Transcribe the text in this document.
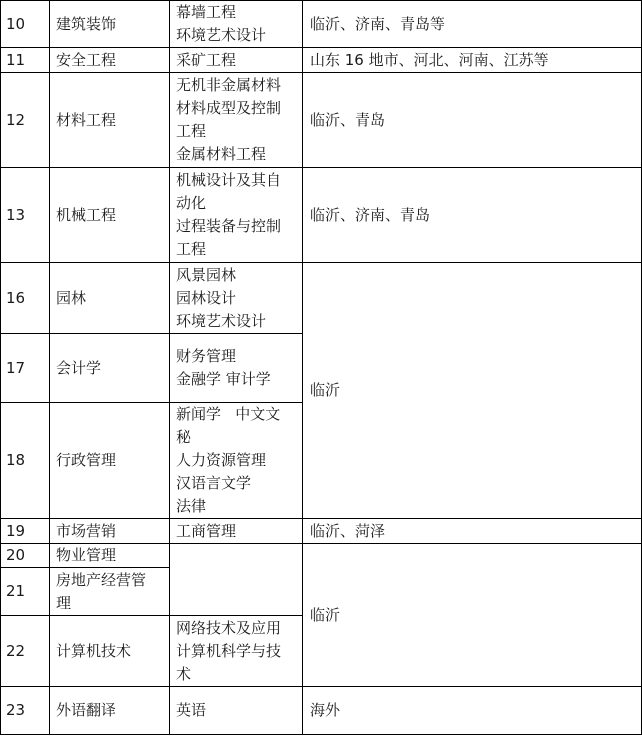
10	建筑装饰	幕墙工程
环境艺术设计	临沂、济南、青岛等
11	安全工程	采矿工程	山东 16 地市、河北、河南、江苏等
12	材料工程	无机非金属材料
材料成型及控制
工程
金属材料工程	临沂、青岛
13	机械工程	机械设计及其自
动化
过程装备与控制
工程	临沂、济南、青岛
16	园林	风景园林
园林设计
环境艺术设计	临沂
17	会计学	财务管理
金融学 审计学	

18	行政管理	新闻学   中文文
秘
人力资源管理
汉语言文学
法律	

19	市场营销	工商管理	临沂、菏泽
20	物业管理		临沂
21	房地产经营管
理		

22	计算机技术	网络技术及应用
计算机科学与技
术	

23	外语翻译	英语	海外
